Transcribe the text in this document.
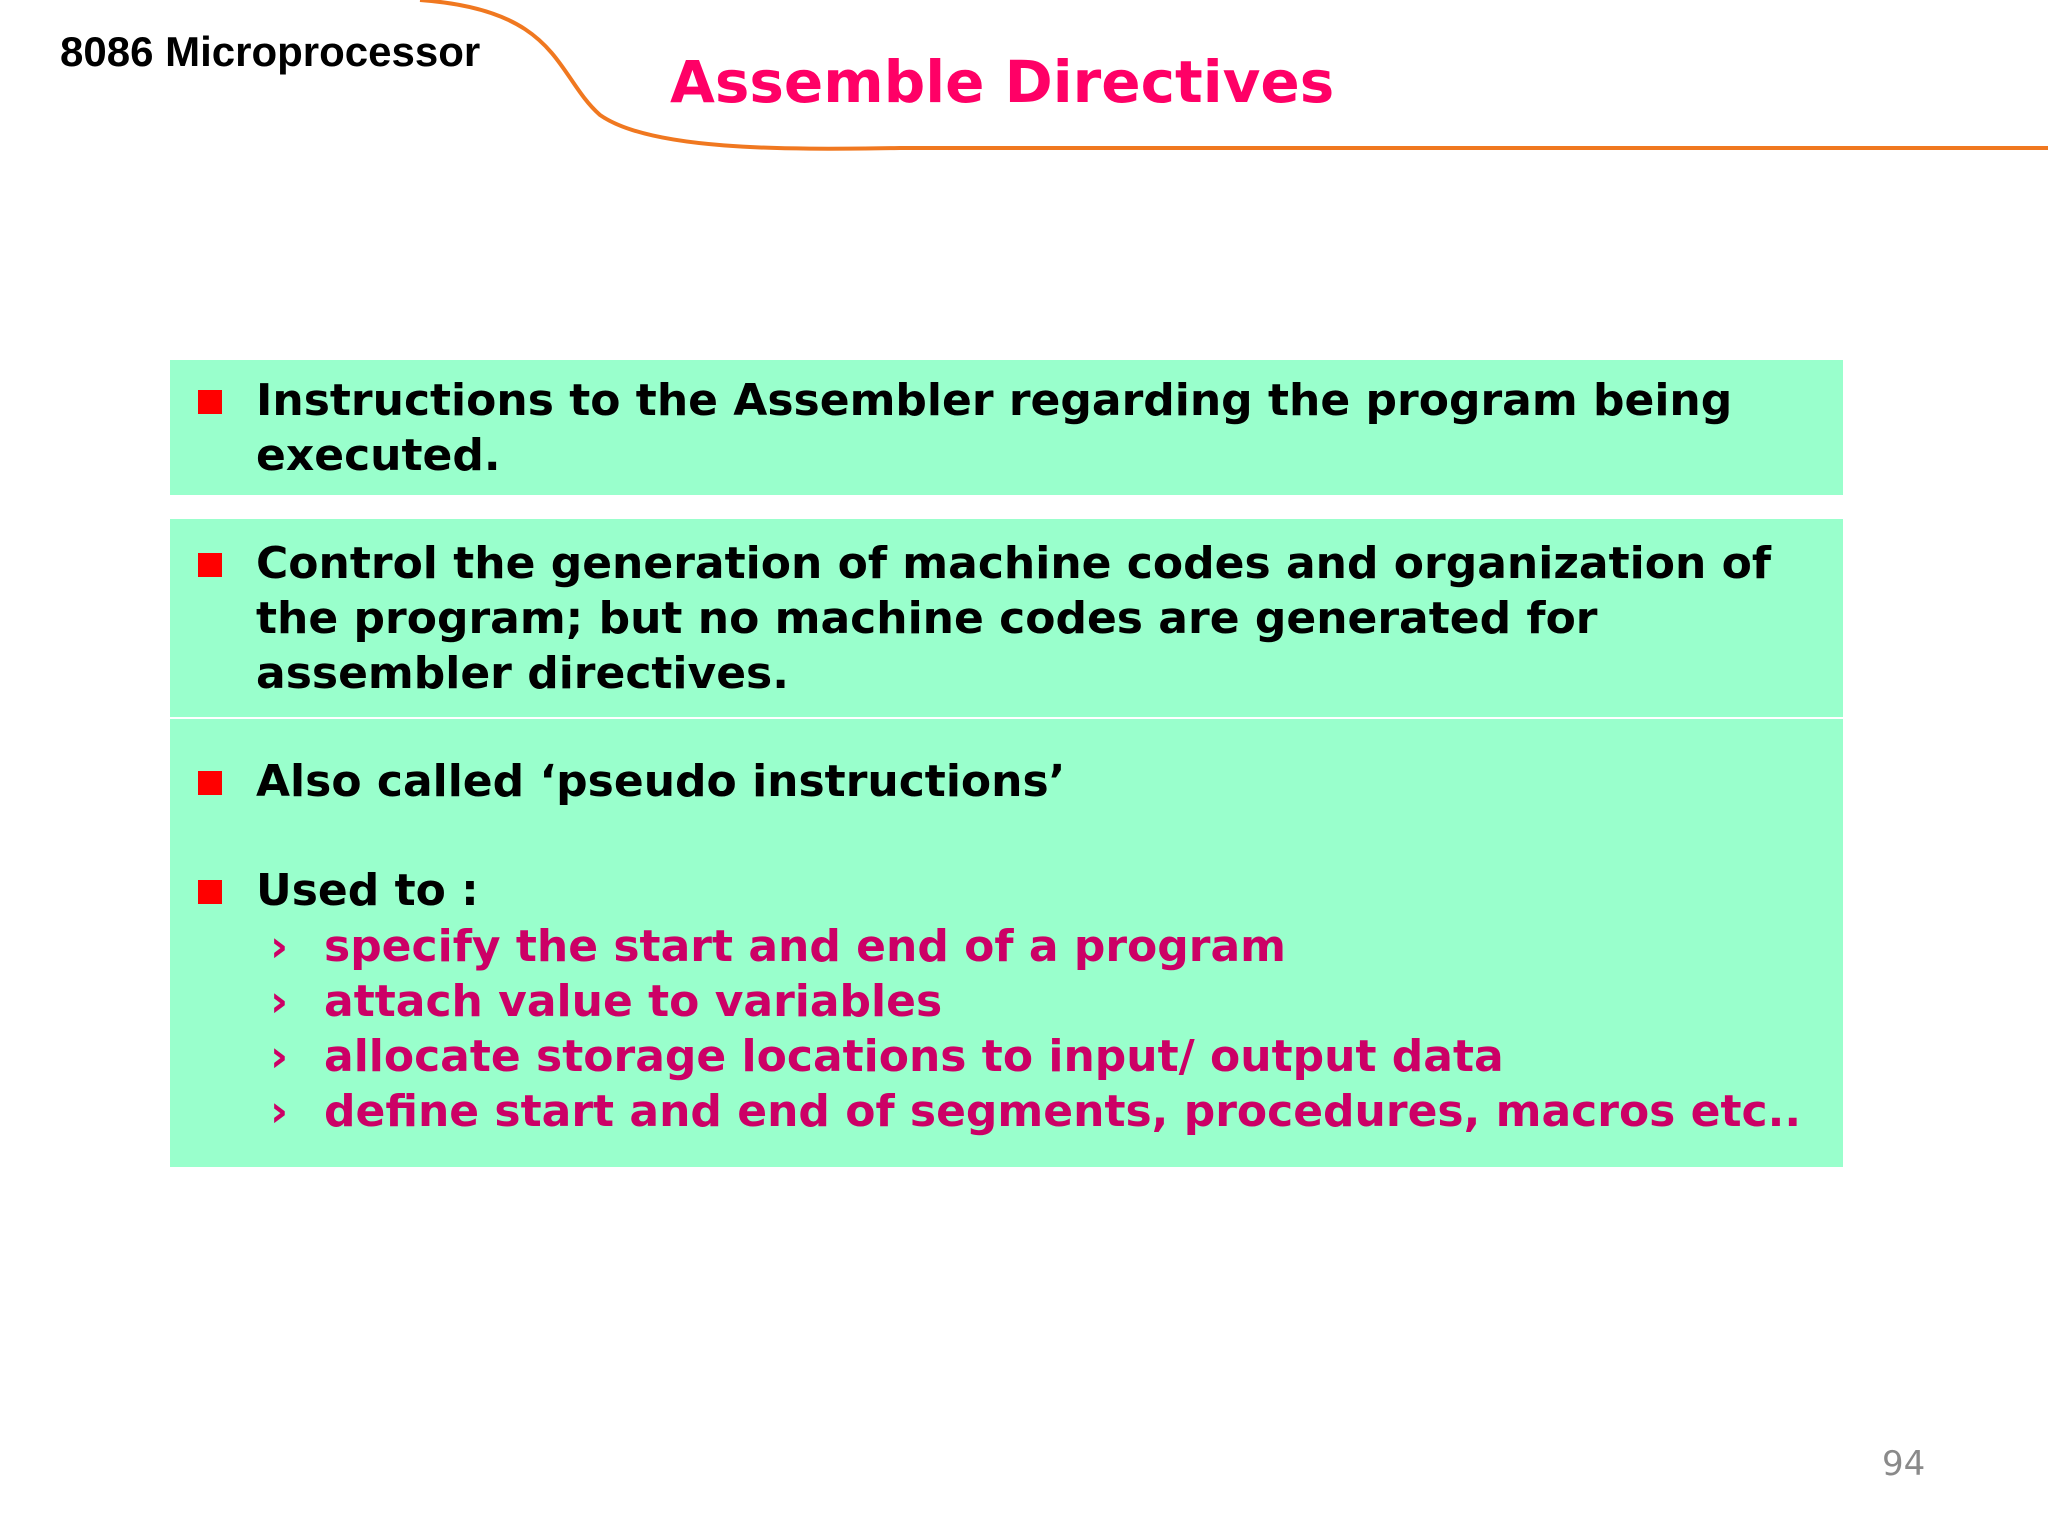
8086 Microprocessor	Assemble Directives
Instructions to the Assembler regarding the program being executed.
Control the generation of machine codes and organization of the program; but no machine codes are generated for assembler directives.
Also called ‘pseudo instructions’
Used to :
› specify the start and end of a program
› attach value to variables
› allocate storage locations to input/ output data
› define start and end of segments, procedures, macros etc..
94
